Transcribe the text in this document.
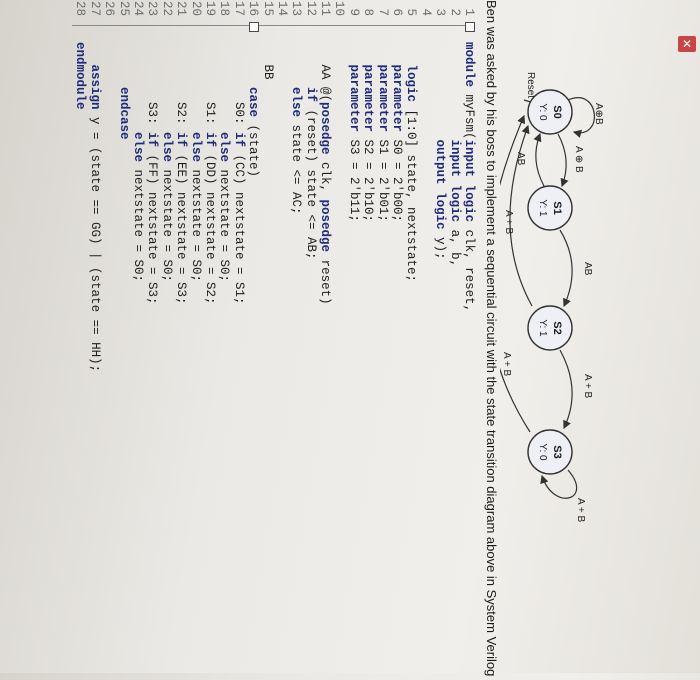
✕
Reset
A⊕B
A ⊕ B
AB
AB
A + B
A + B
A + B
A + B
S0
Y: 0
S1
Y: 1
S2
Y: 1
S3
Y: 0
Ben was asked by his boss to implement a sequential circuit with the state transition diagram above in System Verilog
1
module myFsm(input logic clk, reset,
2
input logic a, b,
3
output logic y);
4
5
logic [1:0] state, nextstate;
6
parameter S0 = 2'b00;
7
parameter S1 = 2'b01;
8
parameter S2 = 2'b10;
9
parameter S3 = 2'b11;
10
11
AA @(posedge clk, posedge reset)
12
if (reset) state <= AB;
13
else state <= AC;
14
15
BB
16
case (state)
17
S0: if (CC) nextstate = S1;
18
else nextstate = S0;
19
S1: if (DD) nextstate = S2;
20
else nextstate = S0;
21
S2: if (EE) nextstate = S3;
22
else nextstate = S0;
23
S3: if (FF) nextstate = S3;
24
else nextstate = S0;
25
endcase
26
27
assign y = (state == GG) | (state == HH);
28
endmodule
